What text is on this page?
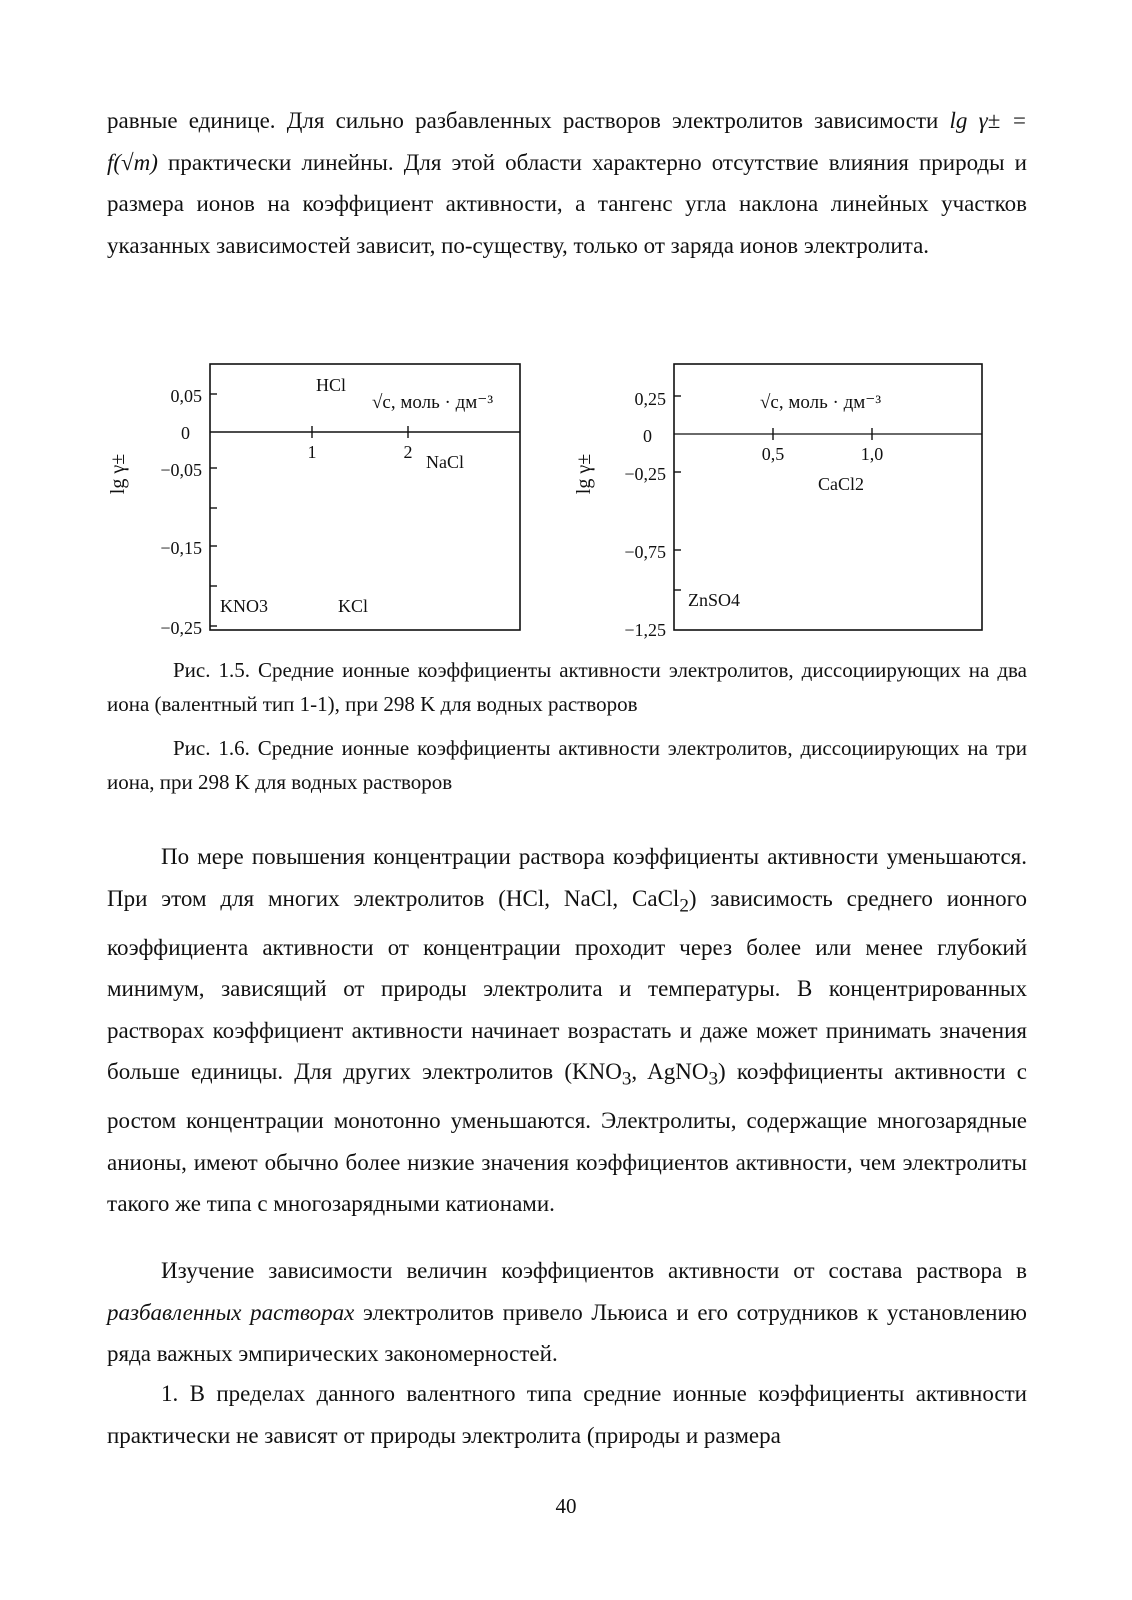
равные единице. Для сильно разбавленных растворов электролитов зависимости lg γ± = f(√m) практически линейны. Для этой области характерно отсутствие влияния природы и размера ионов на коэффициент активности, а тангенс угла наклона линейных участков указанных зависимостей зависит, по-существу, только от заряда ионов электролита.

0,05
0
−0,05
−0,15
−0,25
1	2
lg γ±
√c, моль · дм⁻³
HCl
NaCl
KNO3	KCl
0,25
0
−0,25
−0,75
−1,25
0,5	1,0
lg γ±
√c, моль · дм⁻³
CaCl2
ZnSO4

Рис. 1.5. Средние ионные коэффициенты активности электролитов, диссоциирующих на два иона (валентный тип 1-1), при 298 K для водных растворов

Рис. 1.6. Средние ионные коэффициенты активности электролитов, диссоциирующих на три иона, при 298 K для водных растворов

По мере повышения концентрации раствора коэффициенты активности уменьшаются. При этом для многих электролитов (HCl, NaCl, CaCl$_2$) зависимость среднего ионного коэффициента активности от концентрации проходит через более или менее глубокий минимум, зависящий от природы электролита и температуры. В концентрированных растворах коэффициент активности начинает возрастать и даже может принимать значения больше единицы. Для других электролитов ($KNO_3$, AgNO$_3$) коэффициенты активности с ростом концентрации монотонно уменьшаются. Электролиты, содержащие многозарядные анионы, имеют обычно более низкие значения коэффициентов активности, чем электролиты такого же типа с многозарядными катионами.

Изучение зависимости величин коэффициентов активности от состава раствора в разбавленных растворах электролитов привело Льюиса и его сотрудников к установлению ряда важных эмпирических закономерностей.

1. В пределах данного валентного типа средние ионные коэффициенты активности практически не зависят от природы электролита (природы и размера

40
